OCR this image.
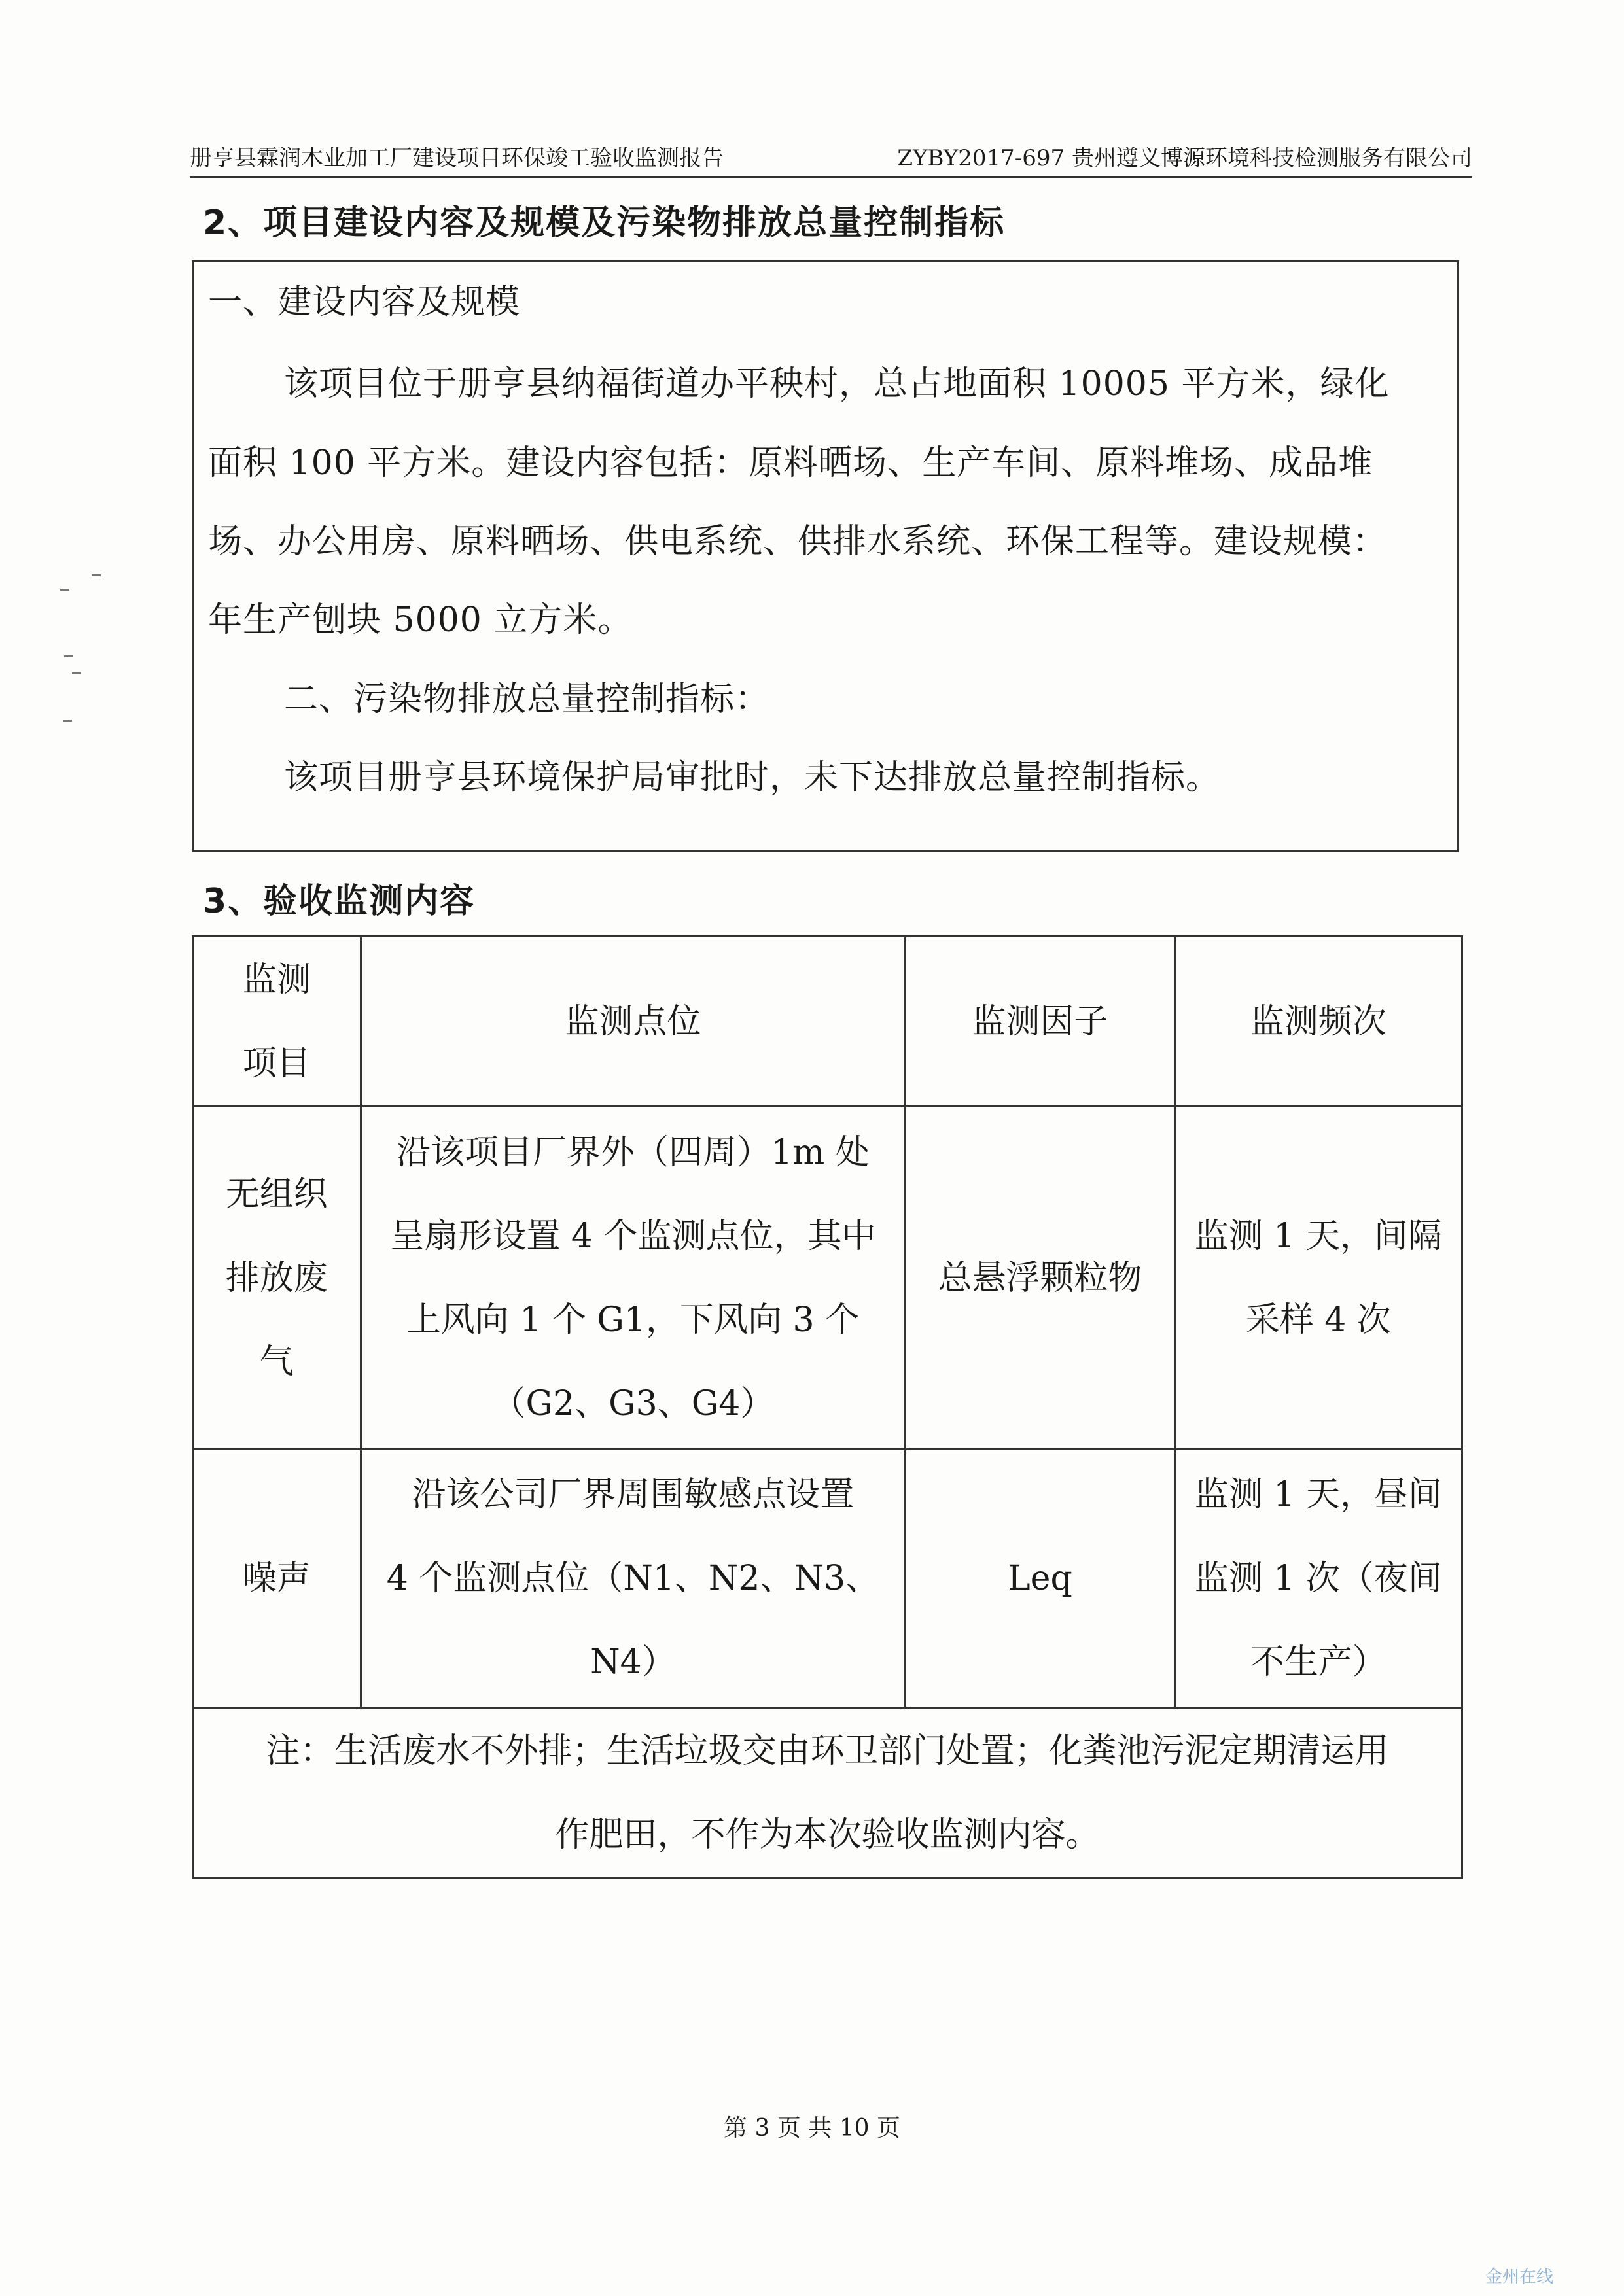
册亨县霖润木业加工厂建设项目环保竣工验收监测报告	ZYBY2017-697 贵州遵义博源环境科技检测服务有限公司
2、项目建设内容及规模及污染物排放总量控制指标
一、建设内容及规模
该项目位于册亨县纳福街道办平秧村，总占地面积 10005 平方米，绿化
面积 100 平方米。建设内容包括：原料晒场、生产车间、原料堆场、成品堆
场、办公用房、原料晒场、供电系统、供排水系统、环保工程等。建设规模：
年生产刨块 5000 立方米。
二、污染物排放总量控制指标：
该项目册亨县环境保护局审批时，未下达排放总量控制指标。
3、验收监测内容
监测
项目	监测点位	监测因子	监测频次

无组织
排放废
气	沿该项目厂界外（四周）1m 处
呈扇形设置 4 个监测点位，其中
上风向 1 个 G1，下风向 3 个
（G2、G3、G4）	总悬浮颗粒物	监测 1 天，间隔
采样 4 次

噪声	沿该公司厂界周围敏感点设置
4 个监测点位（N1、N2、N3、
N4）	Leq	监测 1 天，昼间
监测 1 次（夜间
不生产）

注：生活废水不外排；生活垃圾交由环卫部门处置；化粪池污泥定期清运用
作肥田，不作为本次验收监测内容。			
第 3 页 共 10 页
金州在线
